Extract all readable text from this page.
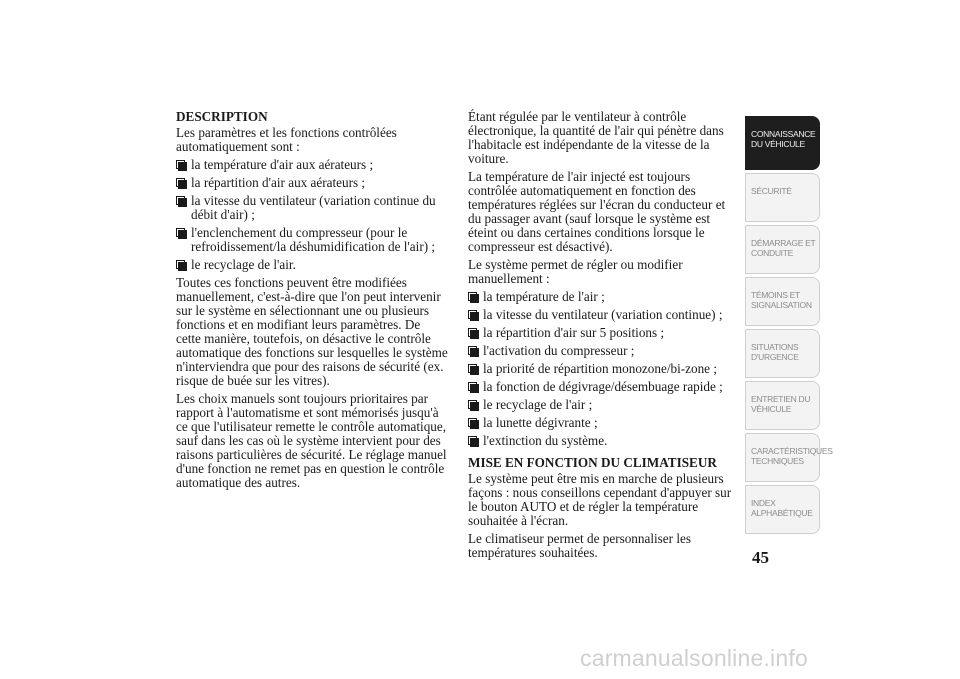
DESCRIPTION

Les paramètres et les fonctions contrôlées automatiquement sont :

la température d'air aux aérateurs ;
la répartition d'air aux aérateurs ;
la vitesse du ventilateur (variation continue du débit d'air) ;
l'enclenchement du compresseur (pour le refroidissement/la déshumidification de l'air) ;
le recyclage de l'air.

Toutes ces fonctions peuvent être modifiées manuellement, c'est-à-dire que l'on peut intervenir sur le système en sélectionnant une ou plusieurs fonctions et en modifiant leurs paramètres. De cette manière, toutefois, on désactive le contrôle automatique des fonctions sur lesquelles le système n'interviendra que pour des raisons de sécurité (ex. risque de buée sur les vitres).

Les choix manuels sont toujours prioritaires par rapport à l'automatisme et sont mémorisés jusqu'à ce que l'utilisateur remette le contrôle automatique, sauf dans les cas où le système intervient pour des raisons particulières de sécurité. Le réglage manuel d'une fonction ne remet pas en question le contrôle automatique des autres.

Étant régulée par le ventilateur à contrôle électronique, la quantité de l'air qui pénètre dans l'habitacle est indépendante de la vitesse de la voiture.

La température de l'air injecté est toujours contrôlée automatiquement en fonction des températures réglées sur l'écran du conducteur et du passager avant (sauf lorsque le système est éteint ou dans certaines conditions lorsque le compresseur est désactivé).

Le système permet de régler ou modifier manuellement :

la température de l'air ;
la vitesse du ventilateur (variation continue) ;
la répartition d'air sur 5 positions ;
l'activation du compresseur ;
la priorité de répartition monozone/bi-zone ;
la fonction de dégivrage/désembuage rapide ;
le recyclage de l'air ;
la lunette dégivrante ;
l'extinction du système.
MISE EN FONCTION DU CLIMATISEUR

Le système peut être mis en marche de plusieurs façons : nous conseillons cependant d'appuyer sur le bouton AUTO et de régler la température souhaitée à l'écran.

Le climatiseur permet de personnaliser les températures souhaitées.

CONNAISSANCE DU VÉHICULE
SÉCURITÉ
DÉMARRAGE ET CONDUITE
TÉMOINS ET SIGNALISATION
SITUATIONS D'URGENCE
ENTRETIEN DU VÉHICULE
CARACTÉRISTIQUES TECHNIQUES
INDEX ALPHABÉTIQUE
45
carmanualsonline.info
